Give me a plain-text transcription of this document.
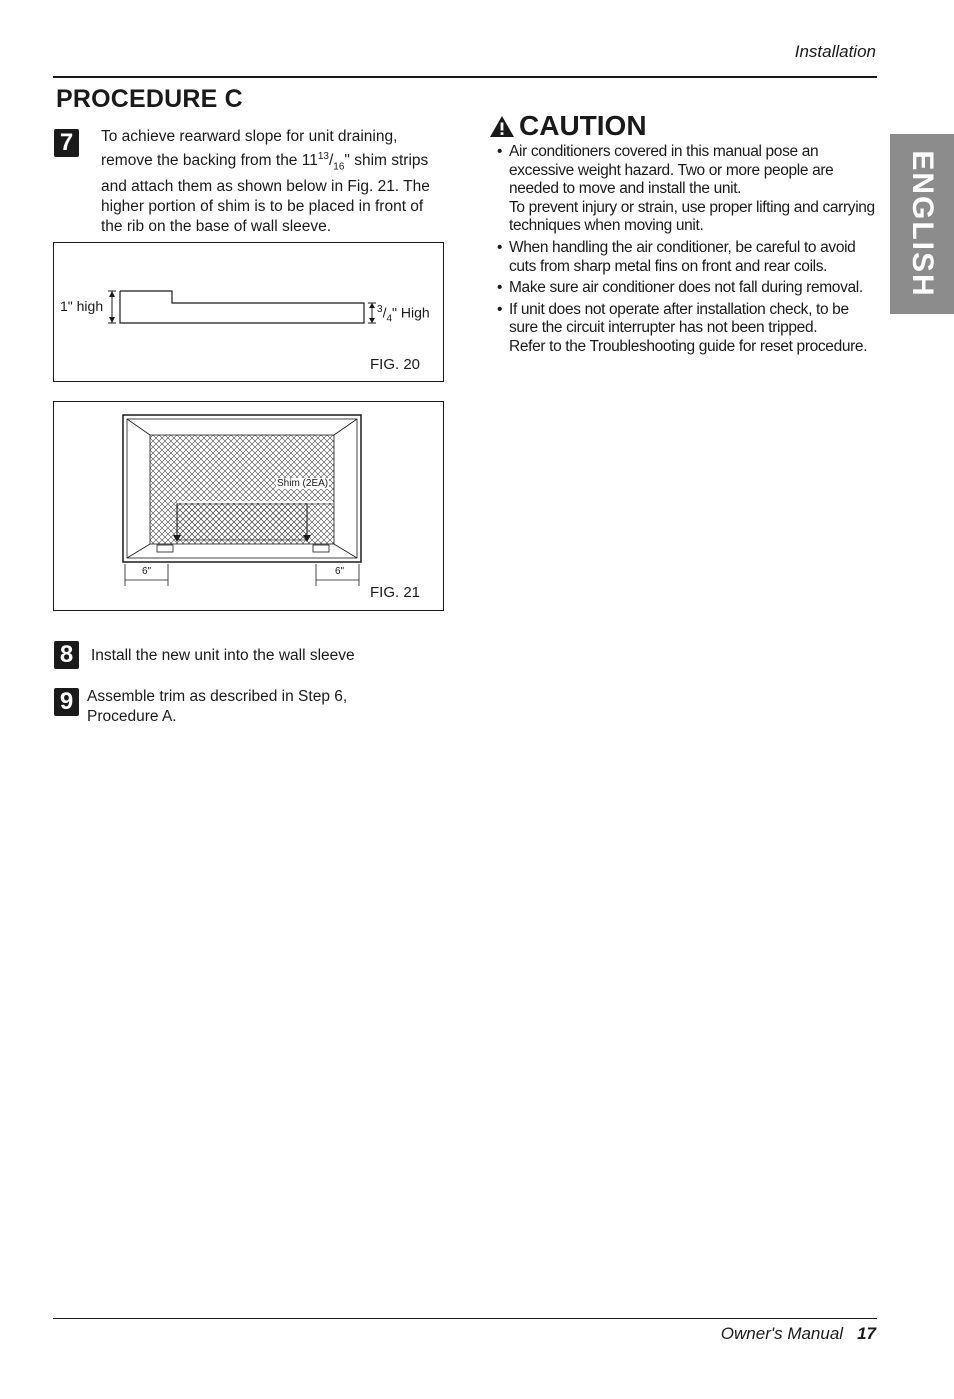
Installation
PROCEDURE C
7	To achieve rearward slope for unit draining, remove the backing from the $11^{13}/_{16}$" shim strips and attach them as shown below in Fig. 21. The higher portion of shim is to be placed in front of the rib on the base of wall sleeve.
1" high	$^3/_4$" High
FIG. 20
Shim (2EA)
6"	6"
FIG. 21
8	Install the new unit into the wall sleeve
9 Assemble trim as described in Step 6, Procedure A.
CAUTION
• Air conditioners covered in this manual pose an excessive weight hazard. Two or more people are needed to move and install the unit.
To prevent injury or strain, use proper lifting and carrying techniques when moving unit.
• When handling the air conditioner, be careful to avoid cuts from sharp metal fins on front and rear coils.
• Make sure air conditioner does not fall during removal.
• If unit does not operate after installation check, to be sure the circuit interrupter has not been tripped.
Refer to the Troubleshooting guide for reset procedure.
ENGLISH
Owner's Manual 17
